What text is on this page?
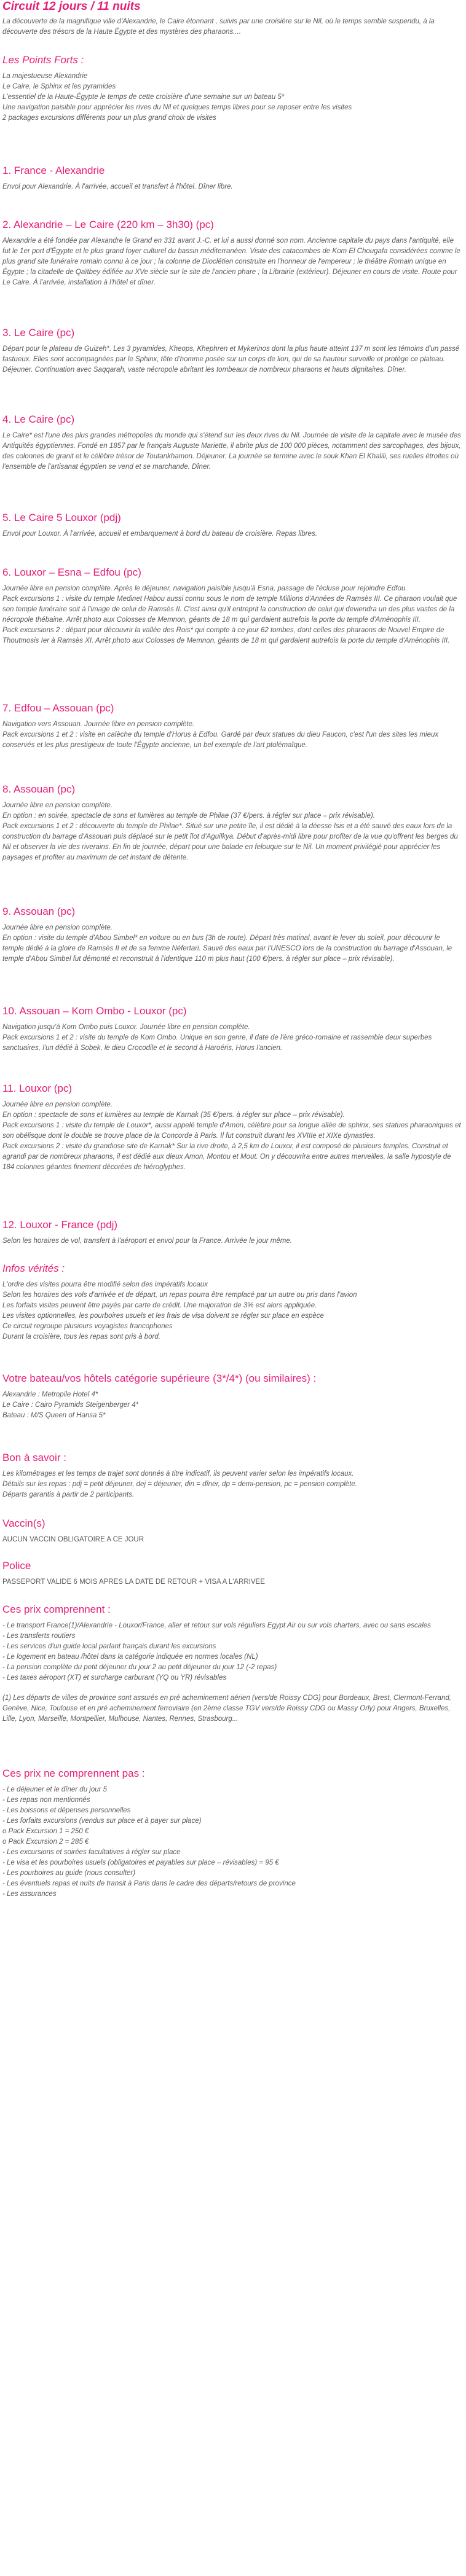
Circuit 12 jours / 11 nuits

La découverte de la magnifique ville d'Alexandrie, le Caire étonnant , suivis par une croisière sur le Nil, où le temps semble suspendu, à la découverte des trésors de la Haute Égypte et des mystères des pharaons....

Les Points Forts :
La majestueuse Alexandrie
Le Caire, le Sphinx et les pyramides
L'essentiel de la Haute-Égypte le temps de cette croisière d'une semaine sur un bateau 5*
Une navigation paisible pour apprécier les rives du Nil et quelques temps libres pour se reposer entre les visites
2 packages excursions différents pour un plus grand choix de visites
1. France - Alexandrie

Envol pour Alexandrie. À l'arrivée, accueil et transfert à l'hôtel. Dîner libre.

2. Alexandrie – Le Caire (220 km – 3h30) (pc)

Alexandrie a été fondée par Alexandre le Grand en 331 avant J.-C. et lui a aussi donné son nom. Ancienne capitale du pays dans l'antiquité, elle fut le 1er port d'Égypte et le plus grand foyer culturel du bassin méditerranéen. Visite des catacombes de Kom El Chougafa considérées comme le plus grand site funéraire romain connu à ce jour ; la colonne de Dioclétien construite en l'honneur de l'empereur ; le théâtre Romain unique en Égypte ; la citadelle de Qaïtbey édifiée au XVe siècle sur le site de l'ancien phare ; la Librairie (extérieur). Déjeuner en cours de visite. Route pour Le Caire. À l'arrivée, installation à l'hôtel et dîner.

3. Le Caire (pc)

Départ pour le plateau de Guizeh*. Les 3 pyramides, Kheops, Khephren et Mykerinos dont la plus haute atteint 137 m sont les témoins d'un passé fastueux. Elles sont accompagnées par le Sphinx, tête d'homme posée sur un corps de lion, qui de sa hauteur surveille et protège ce plateau. Déjeuner. Continuation avec Saqqarah, vaste nécropole abritant les tombeaux de nombreux pharaons et hauts dignitaires. Dîner.

4. Le Caire (pc)

Le Caire* est l'une des plus grandes métropoles du monde qui s'étend sur les deux rives du Nil. Journée de visite de la capitale avec le musée des Antiquités égyptiennes. Fondé en 1857 par le français Auguste Mariette, il abrite plus de 100 000 pièces, notamment des sarcophages, des bijoux, des colonnes de granit et le célèbre trésor de Toutankhamon. Déjeuner. La journée se termine avec le souk Khan El Khalili, ses ruelles étroites où l'ensemble de l'artisanat égyptien se vend et se marchande. Dîner.

5. Le Caire 5 Louxor (pdj)

Envol pour Louxor. À l'arrivée, accueil et embarquement à bord du bateau de croisière. Repas libres.

6. Louxor – Esna – Edfou (pc)

Journée libre en pension complète. Après le déjeuner, navigation paisible jusqu'à Esna, passage de l'écluse pour rejoindre Edfou.

Pack excursions 1 : visite du temple Medinet Habou aussi connu sous le nom de temple Millions d'Années de Ramsès III. Ce pharaon voulait que son temple funéraire soit à l'image de celui de Ramsès II. C'est ainsi qu'il entreprit la construction de celui qui deviendra un des plus vastes de la nécropole thébaine. Arrêt photo aux Colosses de Memnon, géants de 18 m qui gardaient autrefois la porte du temple d'Aménophis III.

Pack excursions 2 : départ pour découvrir la vallée des Rois* qui compte à ce jour 62 tombes, dont celles des pharaons de Nouvel Empire de Thoutmosis Ier à Ramsès XI. Arrêt photo aux Colosses de Memnon, géants de 18 m qui gardaient autrefois la porte du temple d'Aménophis III.

7. Edfou – Assouan (pc)

Navigation vers Assouan. Journée libre en pension complète.

Pack excursions 1 et 2 : visite en calèche du temple d'Horus à Edfou. Gardé par deux statues du dieu Faucon, c'est l'un des sites les mieux conservés et les plus prestigieux de toute l'Égypte ancienne, un bel exemple de l'art ptolémaïque.

8. Assouan (pc)

Journée libre en pension complète.

En option : en soirée, spectacle de sons et lumières au temple de Philae (37 €/pers. à régler sur place – prix révisable).

Pack excursions 1 et 2 : découverte du temple de Philae*. Situé sur une petite île, il est dédié à la déesse Isis et a été sauvé des eaux lors de la construction du barrage d'Assouan puis déplacé sur le petit îlot d'Aguilkya. Début d'après-midi libre pour profiter de la vue qu'offrent les berges du Nil et observer la vie des riverains. En fin de journée, départ pour une balade en felouque sur le Nil. Un moment privilégié pour apprécier les paysages et profiter au maximum de cet instant de détente.

9. Assouan (pc)

Journée libre en pension complète.

En option : visite du temple d'Abou Simbel* en voiture ou en bus (3h de route). Départ très matinal, avant le lever du soleil, pour découvrir le temple dédié à la gloire de Ramsès II et de sa femme Néfertari. Sauvé des eaux par l'UNESCO lors de la construction du barrage d'Assouan, le temple d'Abou Simbel fut démonté et reconstruit à l'identique 110 m plus haut (100 €/pers. à régler sur place – prix révisable).

10. Assouan – Kom Ombo - Louxor (pc)

Navigation jusqu'à Kom Ombo puis Louxor. Journée libre en pension complète.

Pack excursions 1 et 2 : visite du temple de Kom Ombo. Unique en son genre, il date de l'ère gréco-romaine et rassemble deux superbes sanctuaires, l'un dédié à Sobek, le dieu Crocodile et le second à Haroéris, Horus l'ancien.

11. Louxor (pc)

Journée libre en pension complète.

En option : spectacle de sons et lumières au temple de Karnak (35 €/pers. à régler sur place – prix révisable).

Pack excursions 1 : visite du temple de Louxor*, aussi appelé temple d'Amon, célèbre pour sa longue allée de sphinx, ses statues pharaoniques et son obélisque dont le double se trouve place de la Concorde à Paris. Il fut construit durant les XVIIIe et XIXe dynasties.

Pack excursions 2 : visite du grandiose site de Karnak* Sur la rive droite, à 2,5 km de Louxor, il est composé de plusieurs temples. Construit et agrandi par de nombreux pharaons, il est dédié aux dieux Amon, Montou et Mout. On y découvrira entre autres merveilles, la salle hypostyle de 184 colonnes géantes finement décorées de hiéroglyphes.

12. Louxor - France (pdj)

Selon les horaires de vol, transfert à l'aéroport et envol pour la France. Arrivée le jour même.

Infos vérités :
L'ordre des visites pourra être modifié selon des impératifs locaux
Selon les horaires des vols d'arrivée et de départ, un repas pourra être remplacé par un autre ou pris dans l'avion
Les forfaits visites peuvent être payés par carte de crédit. Une majoration de 3% est alors appliquée.
Les visites optionnelles, les pourboires usuels et les frais de visa doivent se régler sur place en espèce
Ce circuit regroupe plusieurs voyagistes francophones
Durant la croisière, tous les repas sont pris à bord.
Votre bateau/vos hôtels catégorie supérieure (3*/4*) (ou similaires) :
Alexandrie : Metropile Hotel 4*
Le Caire : Cairo Pyramids Steigenberger 4*
Bateau : M/S Queen of Hansa 5*
Bon à savoir :
Les kilométrages et les temps de trajet sont donnés à titre indicatif, ils peuvent varier selon les impératifs locaux.
Détails sur les repas : pdj = petit déjeuner, dej = déjeuner, din = dîner, dp = demi-pension, pc = pension complète.
Départs garantis à partir de 2 participants.
Vaccin(s)

AUCUN VACCIN OBLIGATOIRE A CE JOUR

Police

PASSEPORT VALIDE 6 MOIS APRES LA DATE DE RETOUR + VISA A L'ARRIVEE

Ces prix comprennent :
- Le transport France(1)/Alexandrie - Louxor/France, aller et retour sur vols réguliers Egypt Air ou sur vols charters, avec ou sans escales
- Les transferts routiers
- Les services d'un guide local parlant français durant les excursions
- Le logement en bateau /hôtel dans la catégorie indiquée en normes locales (NL)
- La pension complète du petit déjeuner du jour 2 au petit déjeuner du jour 12 (-2 repas)
- Les taxes aéroport (XT) et surcharge carburant (YQ ou YR) révisables

(1) Les départs de villes de province sont assurés en pré acheminement aérien (vers/de Roissy CDG) pour Bordeaux, Brest, Clermont-Ferrand, Genève, Nice, Toulouse et en pré acheminement ferroviaire (en 2ème classe TGV vers/de Roissy CDG ou Massy Orly) pour Angers, Bruxelles, Lille, Lyon, Marseille, Montpellier, Mulhouse, Nantes, Rennes, Strasbourg...

Ces prix ne comprennent pas :
- Le déjeuner et le dîner du jour 5
- Les repas non mentionnés
- Les boissons et dépenses personnelles
- Les forfaits excursions (vendus sur place et à payer sur place)
o Pack Excursion 1 = 250 €
o Pack Excursion 2 = 285 €
- Les excursions et soirées facultatives à régler sur place
- Le visa et les pourboires usuels (obligatoires et payables sur place – révisables) = 95 €
- Les pourboires au guide (nous consulter)
- Les éventuels repas et nuits de transit à Paris dans le cadre des départs/retours de province
- Les assurances
